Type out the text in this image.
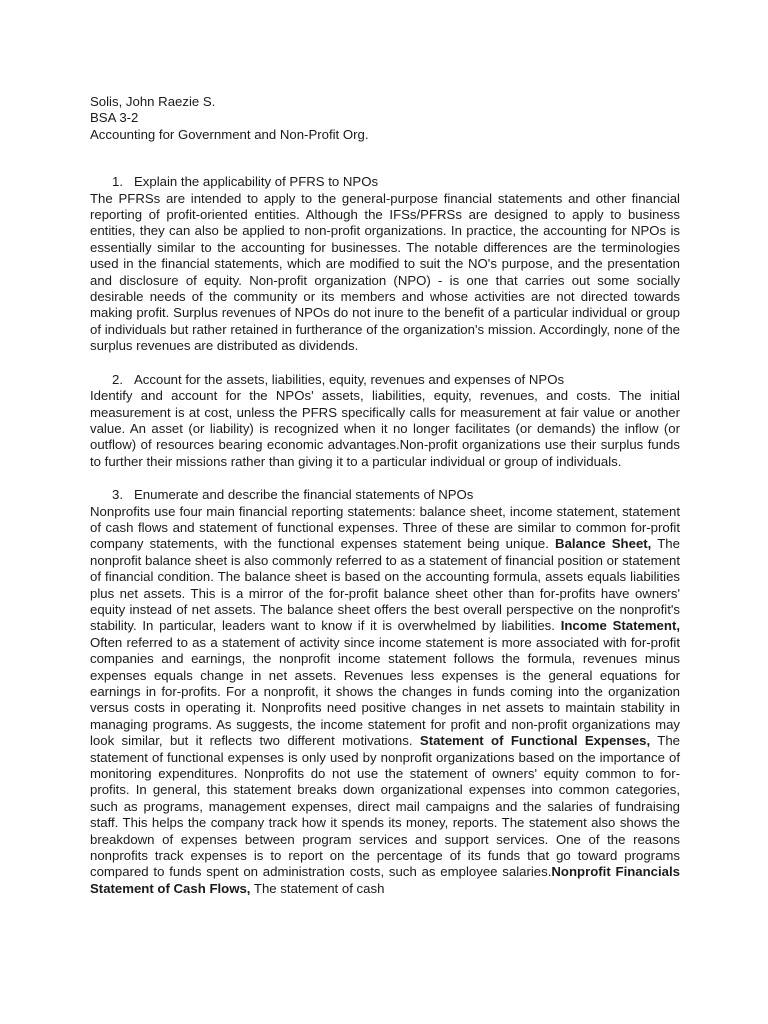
Solis, John Raezie S.
BSA 3-2
Accounting for Government and Non-Profit Org.
1. Explain the applicability of PFRS to NPOs
The PFRSs are intended to apply to the general-purpose financial statements and other financial reporting of profit-oriented entities. Although the IFSs/PFRSs are designed to apply to business entities, they can also be applied to non-profit organizations. In practice, the accounting for NPOs is essentially similar to the accounting for businesses. The notable differences are the terminologies used in the financial statements, which are modified to suit the NO's purpose, and the presentation and disclosure of equity. Non-profit organization (NPO) - is one that carries out some socially desirable needs of the community or its members and whose activities are not directed towards making profit. Surplus revenues of NPOs do not inure to the benefit of a particular individual or group of individuals but rather retained in furtherance of the organization's mission. Accordingly, none of the surplus revenues are distributed as dividends.
2. Account for the assets, liabilities, equity, revenues and expenses of NPOs
Identify and account for the NPOs' assets, liabilities, equity, revenues, and costs. The initial measurement is at cost, unless the PFRS specifically calls for measurement at fair value or another value. An asset (or liability) is recognized when it no longer facilitates (or demands) the inflow (or outflow) of resources bearing economic advantages.Non-profit organizations use their surplus funds to further their missions rather than giving it to a particular individual or group of individuals.
3. Enumerate and describe the financial statements of NPOs
Nonprofits use four main financial reporting statements: balance sheet, income statement, statement of cash flows and statement of functional expenses. Three of these are similar to common for-profit company statements, with the functional expenses statement being unique. Balance Sheet, The nonprofit balance sheet is also commonly referred to as a statement of financial position or statement of financial condition. The balance sheet is based on the accounting formula, assets equals liabilities plus net assets. This is a mirror of the for-profit balance sheet other than for-profits have owners' equity instead of net assets. The balance sheet offers the best overall perspective on the nonprofit's stability. In particular, leaders want to know if it is overwhelmed by liabilities. Income Statement, Often referred to as a statement of activity since income statement is more associated with for-profit companies and earnings, the nonprofit income statement follows the formula, revenues minus expenses equals change in net assets. Revenues less expenses is the general equations for earnings in for-profits. For a nonprofit, it shows the changes in funds coming into the organization versus costs in operating it. Nonprofits need positive changes in net assets to maintain stability in managing programs. As suggests, the income statement for profit and non-profit organizations may look similar, but it reflects two different motivations. Statement of Functional Expenses, The statement of functional expenses is only used by nonprofit organizations based on the importance of monitoring expenditures. Nonprofits do not use the statement of owners' equity common to for-profits. In general, this statement breaks down organizational expenses into common categories, such as programs, management expenses, direct mail campaigns and the salaries of fundraising staff. This helps the company track how it spends its money, reports. The statement also shows the breakdown of expenses between program services and support services. One of the reasons nonprofits track expenses is to report on the percentage of its funds that go toward programs compared to funds spent on administration costs, such as employee salaries.Nonprofit Financials Statement of Cash Flows, The statement of cash
